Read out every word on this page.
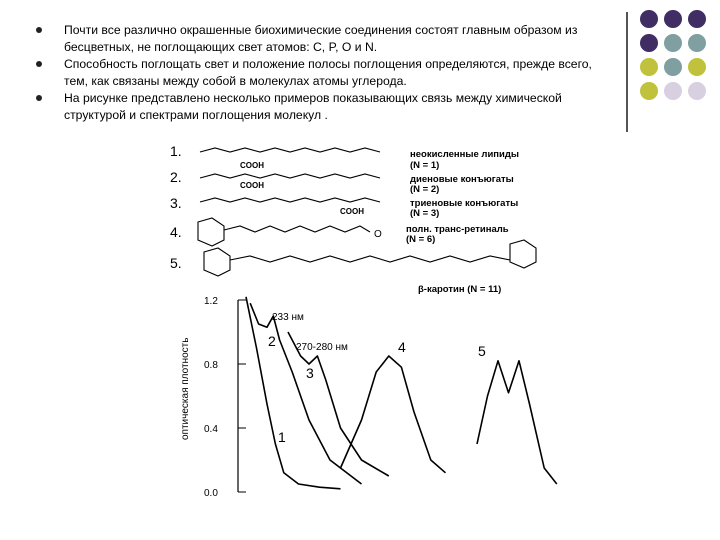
Почти все различно окрашенные биохимические соединения состоят главным образом из бесцветных, не поглощающих свет атомов: C, P, O и N.
Способность поглощать свет и положение полосы поглощения определяются, прежде всего, тем, как связаны между собой в молекулах атомы углерода.
На рисунке представлено несколько примеров показывающих связь между химической структурой и спектрами поглощения молекул .
1.
COOH
неокисленные липиды
(N = 1)
2.
COOH
диеновые конъюгаты
(N = 2)
3.
COOH
триеновые конъюгаты
(N = 3)
4.	O	полн. транс-ретиналь
(N = 6)
5.
β-каротин (N = 11)
1.2
0.8
0.4
0.0
оптическая плотность
233 нм
270-280 нм
1
2
3
4	5
